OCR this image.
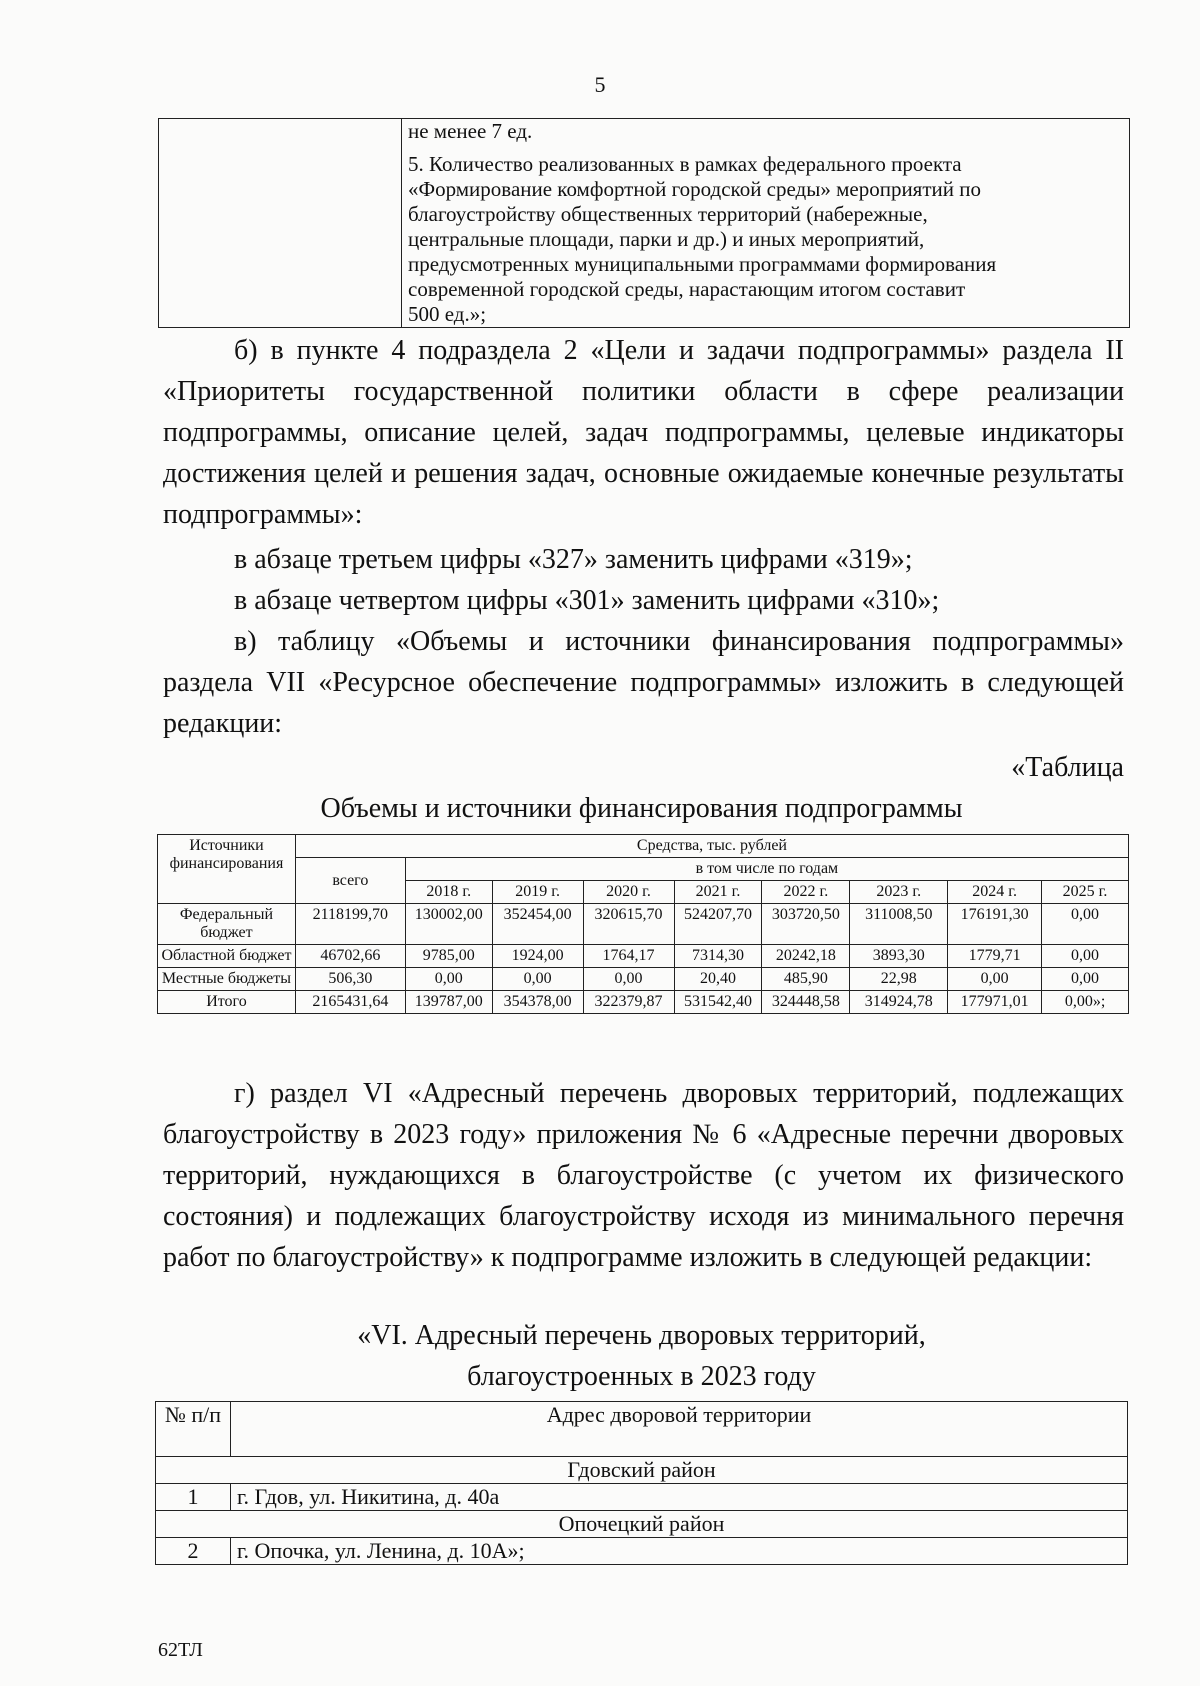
5

не менее 7 ед.

5. Количество реализованных в рамках федерального проекта
«Формирование комфортной городской среды» мероприятий по
благоустройству общественных территорий (набережные,
центральные площади, парки и др.) и иных мероприятий,
предусмотренных муниципальными программами формирования
современной городской среды, нарастающим итогом составит
500 ед.»;

б) в пункте 4 подраздела 2 «Цели и задачи подпрограммы» раздела II «Приоритеты государственной политики области в сфере реализации подпрограммы, описание целей, задач подпрограммы, целевые индикаторы достижения целей и решения задач, основные ожидаемые конечные результаты подпрограммы»:

в абзаце третьем цифры «327» заменить цифрами «319»;

в абзаце четвертом цифры «301» заменить цифрами «310»;

в) таблицу «Объемы и источники финансирования подпрограммы» раздела VII «Ресурсное обеспечение подпрограммы» изложить в следующей редакции:

«Таблица

Объемы и источники финансирования подпрограммы

Источники финансирования	Средства, тыс. рублей								
	всего	в том числе по годам							
		2018 г.	2019 г.	2020 г.	2021 г.	2022 г.	2023 г.	2024 г.	2025 г.
Федеральный бюджет	2118199,70	130002,00	352454,00	320615,70	524207,70	303720,50	311008,50	176191,30	0,00
Областной бюджет	46702,66	9785,00	1924,00	1764,17	7314,30	20242,18	3893,30	1779,71	0,00
Местные бюджеты	506,30	0,00	0,00	0,00	20,40	485,90	22,98	0,00	0,00
Итого	2165431,64	139787,00	354378,00	322379,87	531542,40	324448,58	314924,78	177971,01	0,00»;

г) раздел VI «Адресный перечень дворовых территорий, подлежащих благоустройству в 2023 году» приложения № 6 «Адресные перечни дворовых территорий, нуждающихся в благоустройстве (с учетом их физического состояния) и подлежащих благоустройству исходя из минимального перечня работ по благоустройству» к подпрограмме изложить в следующей редакции:

«VI. Адресный перечень дворовых территорий,

благоустроенных в 2023 году

№ п/п	Адрес дворовой территории
Гдовский район	
1	г. Гдов, ул. Никитина, д. 40а
Опочецкий район	
2	г. Опочка, ул. Ленина, д. 10А»;
62ТЛ
